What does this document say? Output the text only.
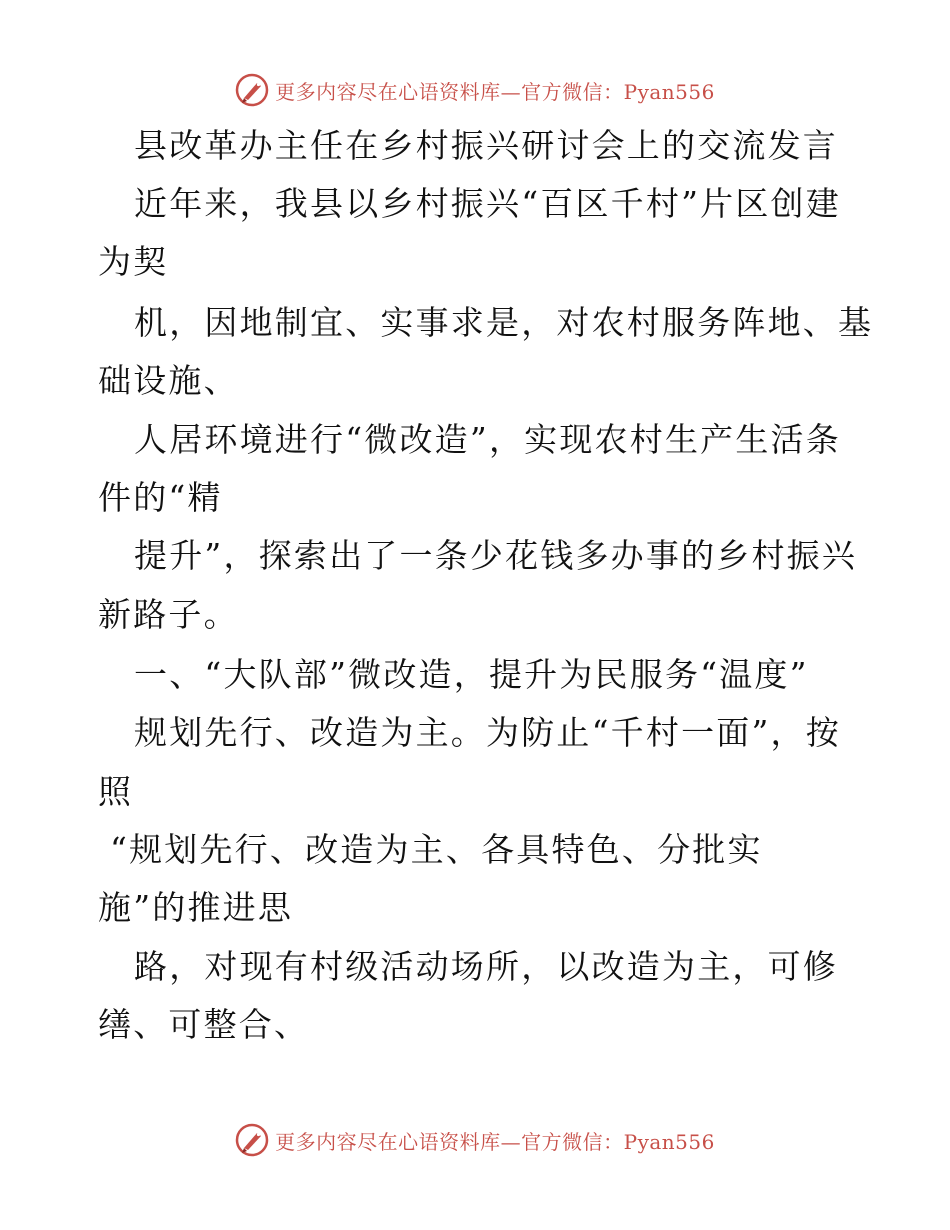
更多内容尽在心语资料库—官方微信：Pyan556
县改革办主任在乡村振兴研讨会上的交流发言
近年来，我县以乡村振兴“百区千村”片区创建
为契
机，因地制宜、实事求是，对农村服务阵地、基
础设施、
人居环境进行“微改造”，实现农村生产生活条
件的“精
提升”，探索出了一条少花钱多办事的乡村振兴
新路子。
一、“大队部”微改造，提升为民服务“温度”
规划先行、改造为主。为防止“千村一面”，按
照
“规划先行、改造为主、各具特色、分批实
施”的推进思
路，对现有村级活动场所，以改造为主，可修
缮、可整合、
更多内容尽在心语资料库—官方微信：Pyan556
